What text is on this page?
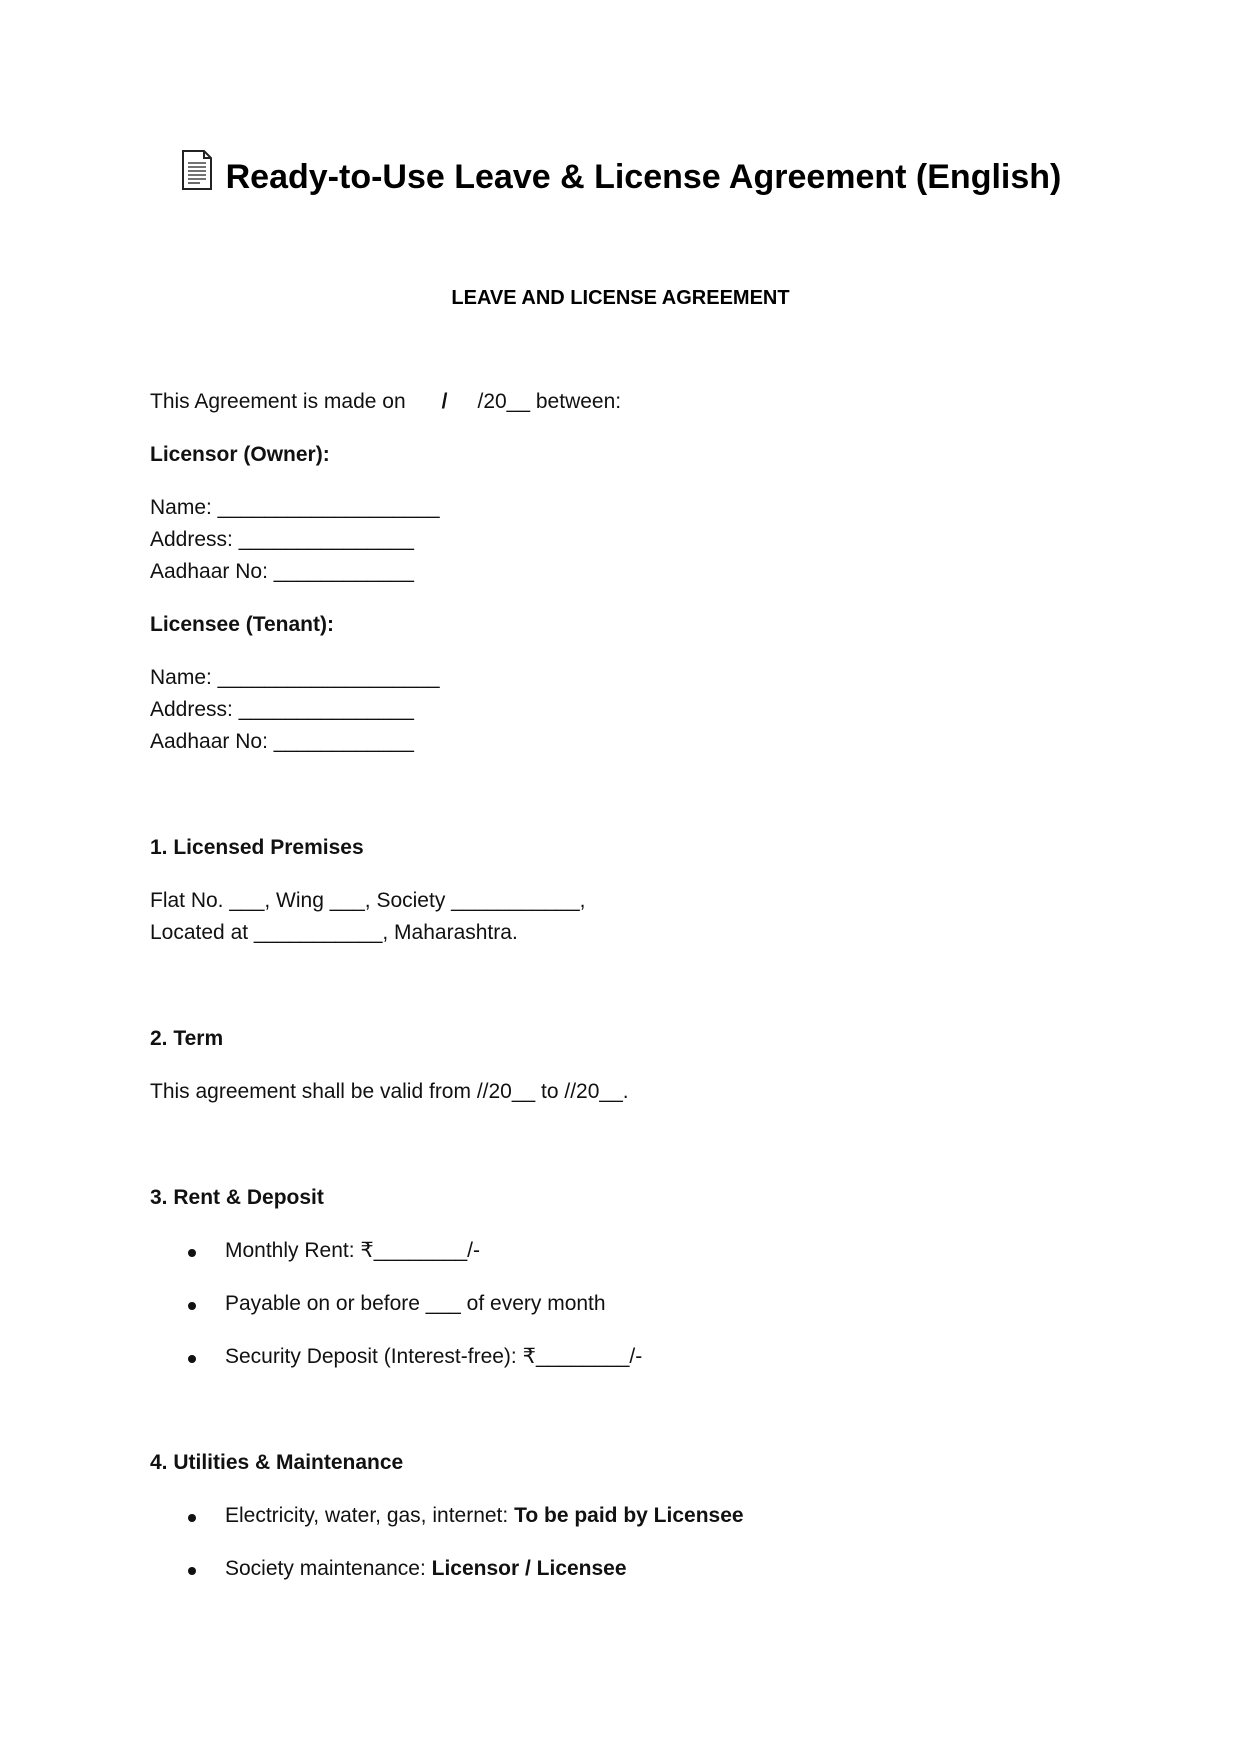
Ready-to-Use Leave & License Agreement (English)
LEAVE AND LICENSE AGREEMENT
This Agreement is made on / /20__ between:
Licensor (Owner):
Name: ___________________
Address: _______________
Aadhaar No: ____________
Licensee (Tenant):
Name: ___________________
Address: _______________
Aadhaar No: ____________
1. Licensed Premises
Flat No. ___, Wing ___, Society ___________,
Located at ___________, Maharashtra.
2. Term
This agreement shall be valid from //20__ to //20__.
3. Rent & Deposit
Monthly Rent: ₹________/-
Payable on or before ___ of every month
Security Deposit (Interest-free): ₹________/-
4. Utilities & Maintenance
Electricity, water, gas, internet: To be paid by Licensee
Society maintenance: Licensor / Licensee
